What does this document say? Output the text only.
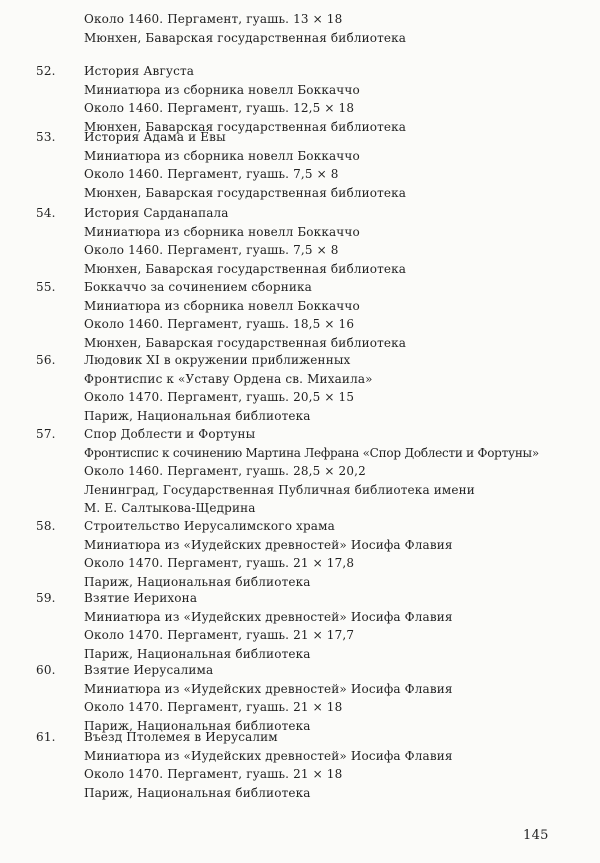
Около 1460. Пергамент, гуашь. 13 × 18
Мюнхен, Баварская государственная библиотека
52. История Августа
Миниатюра из сборника новелл Боккаччо
Около 1460. Пергамент, гуашь. 12,5 × 18
Мюнхен, Баварская государственная библиотека
53. История Адама и Евы
Миниатюра из сборника новелл Боккаччо
Около 1460. Пергамент, гуашь. 7,5 × 8
Мюнхен, Баварская государственная библиотека
54. История Сарданапала
Миниатюра из сборника новелл Боккаччо
Около 1460. Пергамент, гуашь. 7,5 × 8
Мюнхен, Баварская государственная библиотека
55. Боккаччо за сочинением сборника
Миниатюра из сборника новелл Боккаччо
Около 1460. Пергамент, гуашь. 18,5 × 16
Мюнхен, Баварская государственная библиотека
56. Людовик XI в окружении приближенных
Фронтиспис к «Уставу Ордена св. Михаила»
Около 1470. Пергамент, гуашь. 20,5 × 15
Париж, Национальная библиотека
57. Спор Доблести и Фортуны
Фронтиспис к сочинению Мартина Лефрана «Спор Доблести и Фортуны»
Около 1460. Пергамент, гуашь. 28,5 × 20,2
Ленинград, Государственная Публичная библиотека имени
М. Е. Салтыкова-Щедрина
58. Строительство Иерусалимского храма
Миниатюра из «Иудейских древностей» Иосифа Флавия
Около 1470. Пергамент, гуашь. 21 × 17,8
Париж, Национальная библиотека
59. Взятие Иерихона
Миниатюра из «Иудейских древностей» Иосифа Флавия
Около 1470. Пергамент, гуашь. 21 × 17,7
Париж, Национальная библиотека
60. Взятие Иерусалима
Миниатюра из «Иудейских древностей» Иосифа Флавия
Около 1470. Пергамент, гуашь. 21 × 18
Париж, Национальная библиотека
61. Въезд Птолемея в Иерусалим
Миниатюра из «Иудейских древностей» Иосифа Флавия
Около 1470. Пергамент, гуашь. 21 × 18
Париж, Национальная библиотека
145
